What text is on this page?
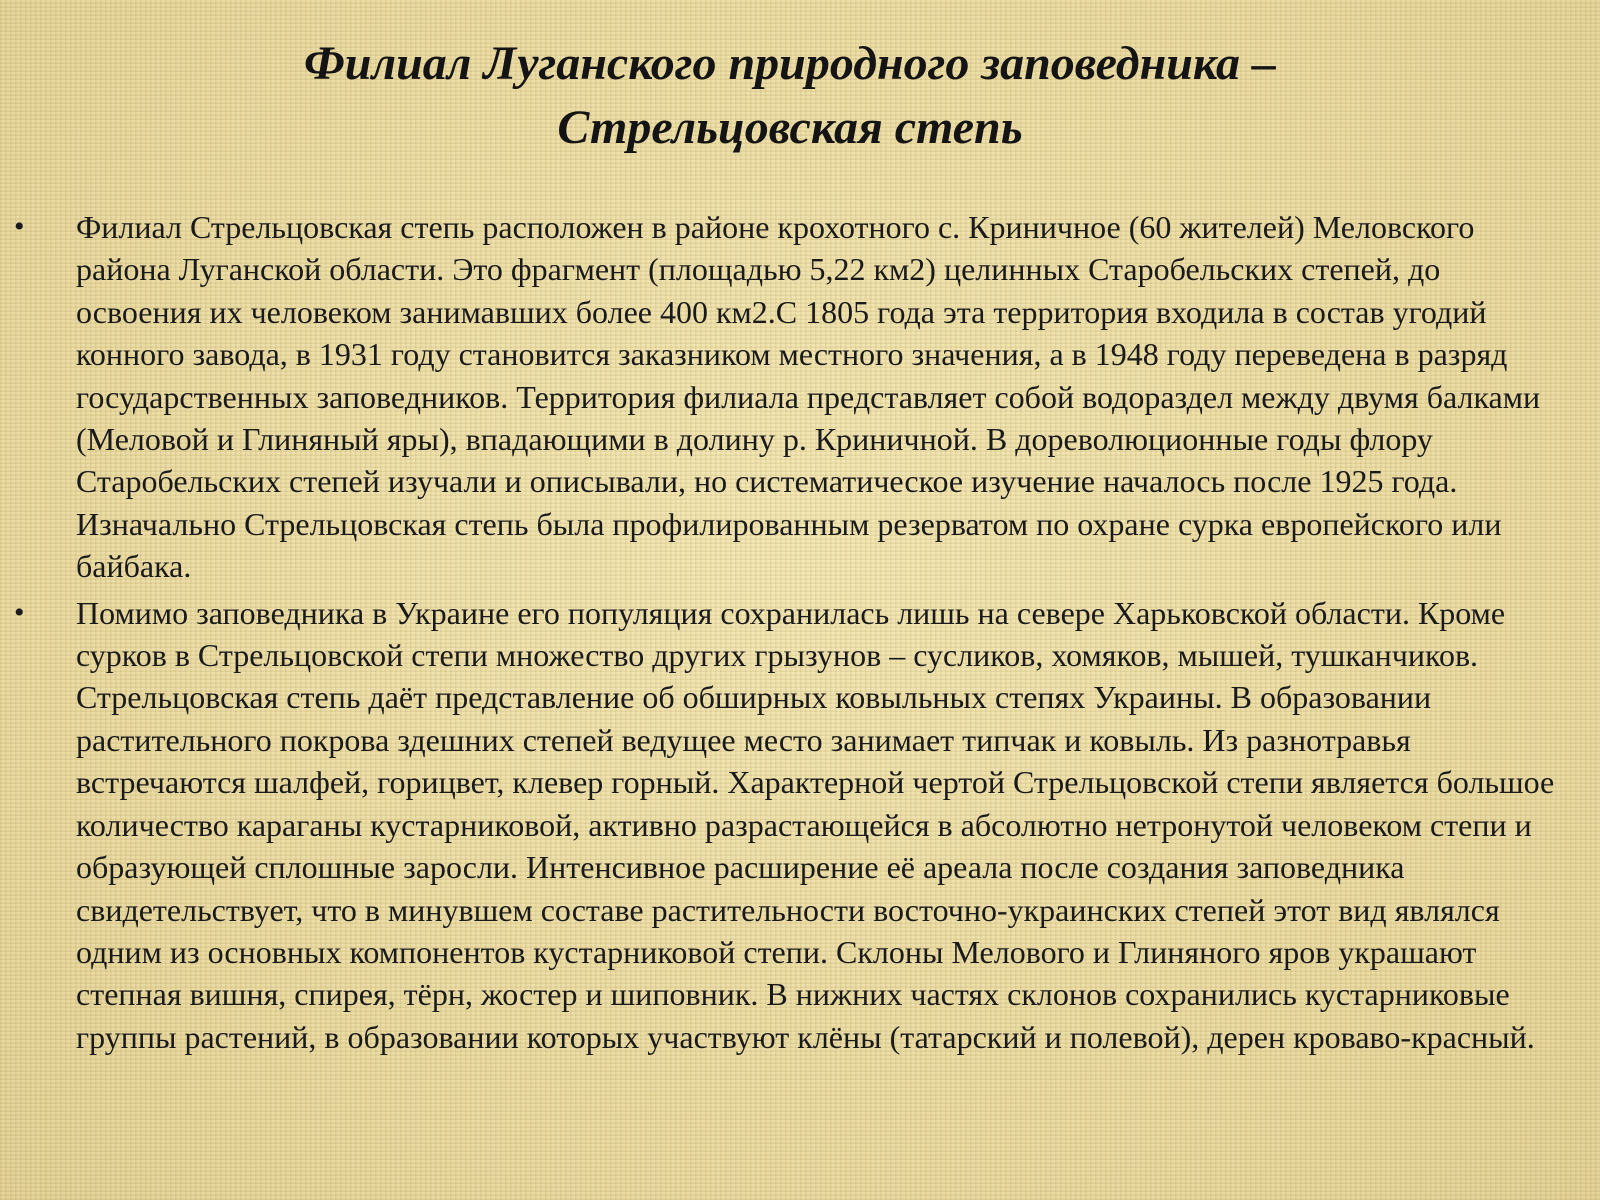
Филиал Луганского природного заповедника –
Стрельцовская степь
• Филиал Стрельцовская степь расположен в районе крохотного с. Криничное (60 жителей) Меловского района Луганской области. Это фрагмент (площадью 5,22 км2) целинных Старобельских степей, до освоения их человеком занимавших более 400 км2.С 1805 года эта территория входила в состав угодий конного завода, в 1931 году становится заказником местного значения, а в 1948 году переведена в разряд государственных заповедников. Территория филиала представляет собой водораздел между двумя балками (Меловой и Глиняный яры), впадающими в долину р. Криничной. В дореволюционные годы флору Старобельских степей изучали и описывали, но систематическое изучение началось после 1925 года. Изначально Стрельцовская степь была профилированным резерватом по охране сурка европейского или байбака.
• Помимо заповедника в Украине его популяция сохранилась лишь на севере Харьковской области. Кроме сурков в Стрельцовской степи множество других грызунов – сусликов, хомяков, мышей, тушканчиков. Стрельцовская степь даёт представление об обширных ковыльных степях Украины. В образовании растительного покрова здешних степей ведущее место занимает типчак и ковыль. Из разнотравья встречаются шалфей, горицвет, клевер горный. Характерной чертой Стрельцовской степи является большое количество караганы кустарниковой, активно разрастающейся в абсолютно нетронутой человеком степи и образующей сплошные заросли. Интенсивное расширение её ареала после создания заповедника свидетельствует, что в минувшем составе растительности восточно-украинских степей этот вид являлся одним из основных компонентов кустарниковой степи. Склоны Мелового и Глиняного яров украшают степная вишня, спирея, тёрн, жостер и шиповник. В нижних частях склонов сохранились кустарниковые группы растений, в образовании которых участвуют клёны (татарский и полевой), дерен кроваво-красный.
